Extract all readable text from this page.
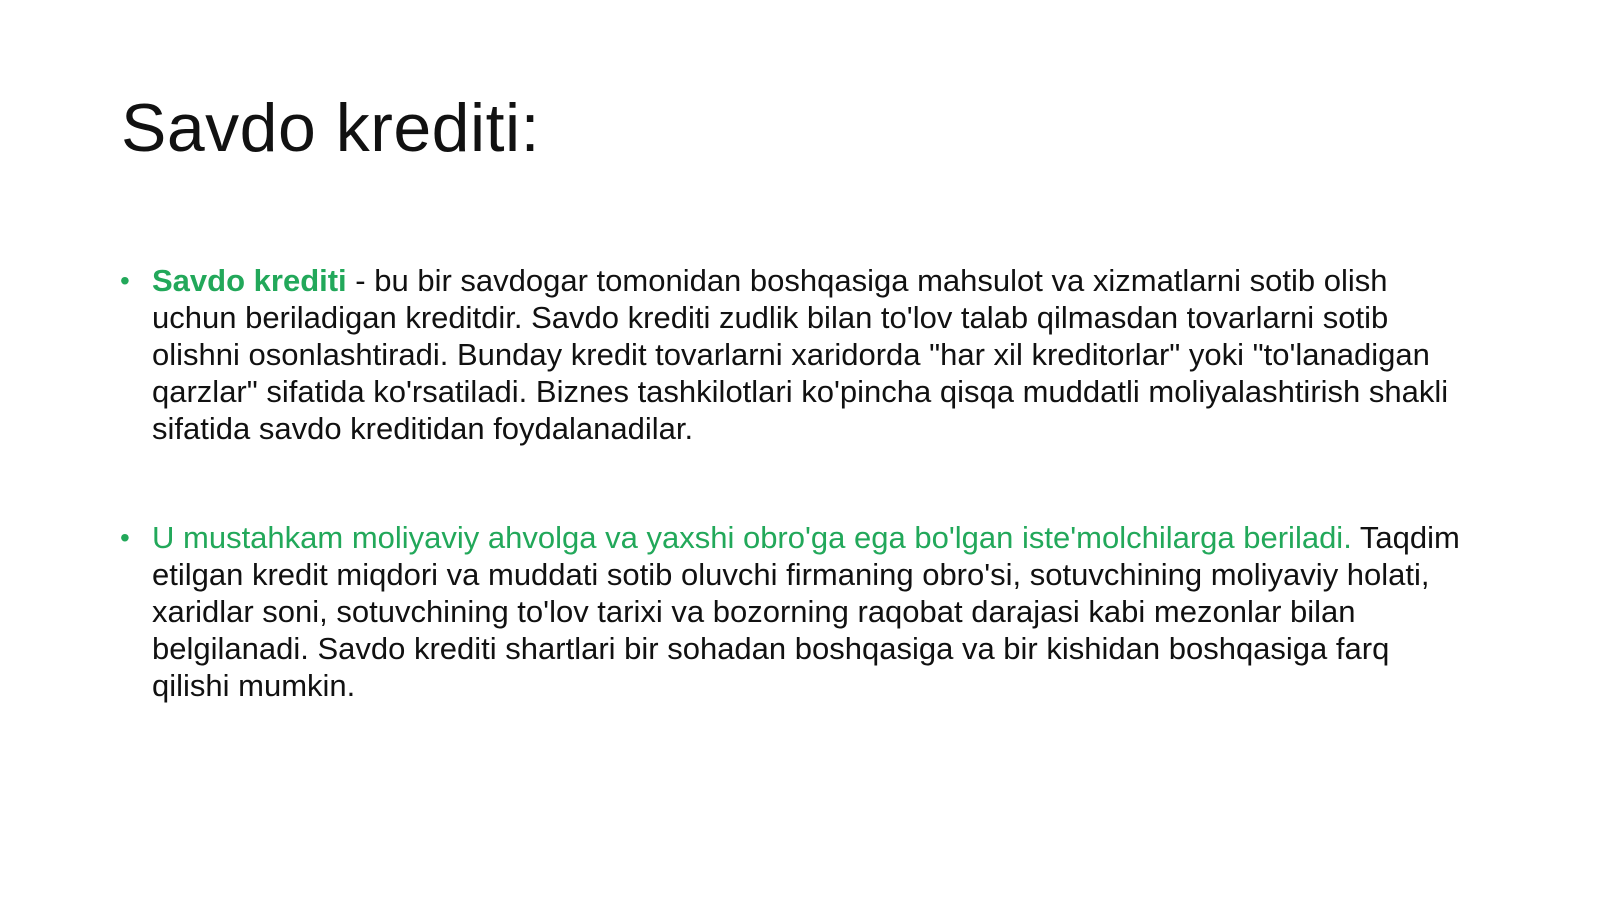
Savdo krediti:
• Savdo krediti - bu bir savdogar tomonidan boshqasiga mahsulot va xizmatlarni sotib olish uchun beriladigan kreditdir. Savdo krediti zudlik bilan to'lov talab qilmasdan tovarlarni sotib olishni osonlashtiradi. Bunday kredit tovarlarni xaridorda "har xil kreditorlar" yoki "to'lanadigan qarzlar" sifatida ko'rsatiladi. Biznes tashkilotlari ko'pincha qisqa muddatli moliyalashtirish shakli sifatida savdo kreditidan foydalanadilar.
• U mustahkam moliyaviy ahvolga va yaxshi obro'ga ega bo'lgan iste'molchilarga beriladi. Taqdim etilgan kredit miqdori va muddati sotib oluvchi firmaning obro'si, sotuvchining moliyaviy holati, xaridlar soni, sotuvchining to'lov tarixi va bozorning raqobat darajasi kabi mezonlar bilan belgilanadi. Savdo krediti shartlari bir sohadan boshqasiga va bir kishidan boshqasiga farq qilishi mumkin.
